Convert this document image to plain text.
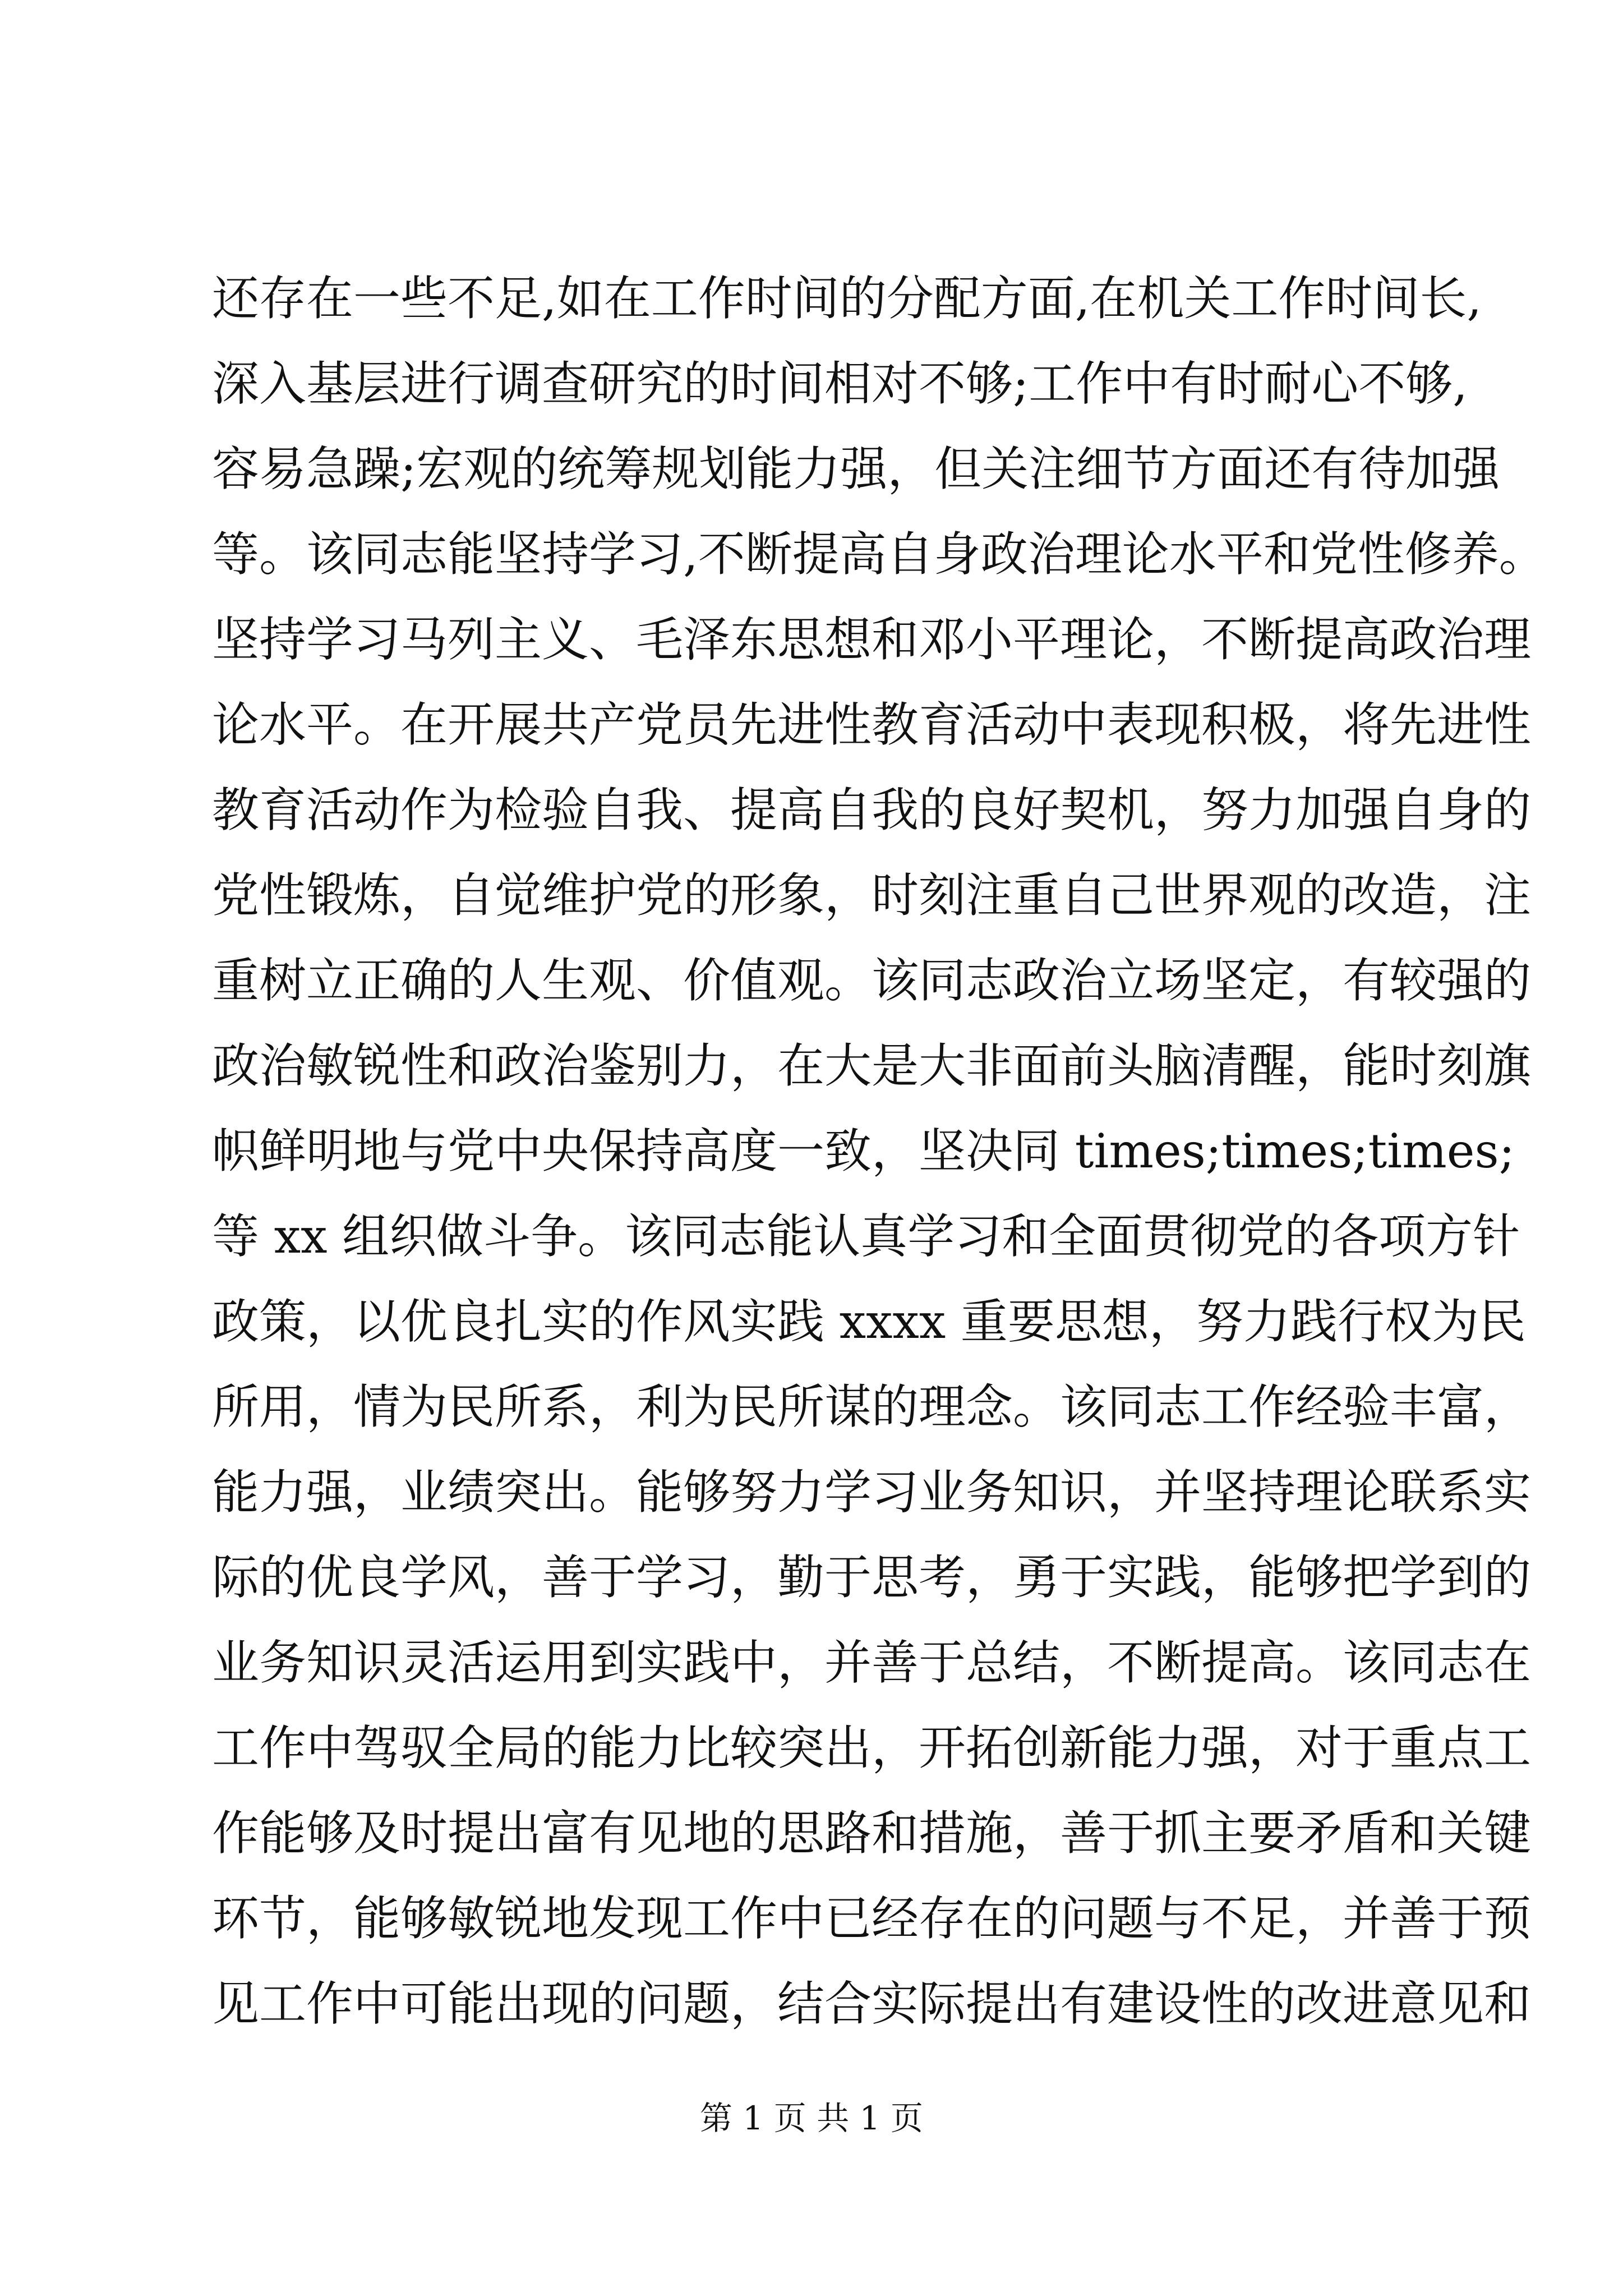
还存在一些不足,如在工作时间的分配方面,在机关工作时间长,
深入基层进行调查研究的时间相对不够;工作中有时耐心不够,
容易急躁;宏观的统筹规划能力强，但关注细节方面还有待加强
等。该同志能坚持学习,不断提高自身政治理论水平和党性修养。
坚持学习马列主义、毛泽东思想和邓小平理论，不断提高政治理
论水平。在开展共产党员先进性教育活动中表现积极，将先进性
教育活动作为检验自我、提高自我的良好契机，努力加强自身的
党性锻炼，自觉维护党的形象，时刻注重自己世界观的改造，注
重树立正确的人生观、价值观。该同志政治立场坚定，有较强的
政治敏锐性和政治鉴别力，在大是大非面前头脑清醒，能时刻旗
帜鲜明地与党中央保持高度一致，坚决同 times;times;times;
等 xx 组织做斗争。该同志能认真学习和全面贯彻党的各项方针
政策，以优良扎实的作风实践 xxxx 重要思想，努力践行权为民
所用，情为民所系，利为民所谋的理念。该同志工作经验丰富，
能力强，业绩突出。能够努力学习业务知识，并坚持理论联系实
际的优良学风，善于学习，勤于思考，勇于实践，能够把学到的
业务知识灵活运用到实践中，并善于总结，不断提高。该同志在
工作中驾驭全局的能力比较突出，开拓创新能力强，对于重点工
作能够及时提出富有见地的思路和措施，善于抓主要矛盾和关键
环节，能够敏锐地发现工作中已经存在的问题与不足，并善于预
见工作中可能出现的问题，结合实际提出有建设性的改进意见和
第 1 页 共 1 页
